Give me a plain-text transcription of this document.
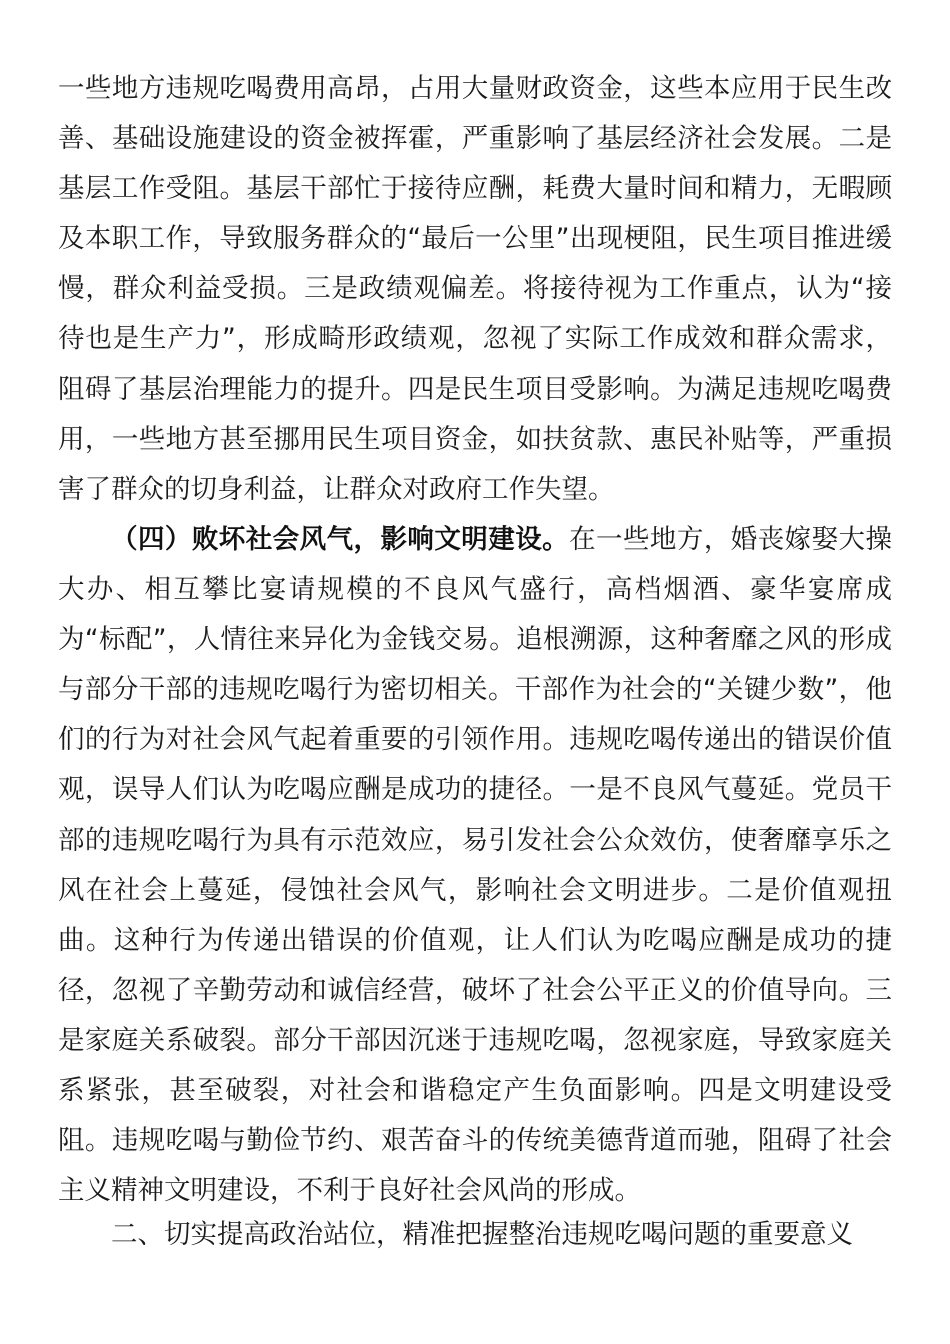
一些地方违规吃喝费用高昂，占用大量财政资金，这些本应用于民生改善、基础设施建设的资金被挥霍，严重影响了基层经济社会发展。二是基层工作受阻。基层干部忙于接待应酬，耗费大量时间和精力，无暇顾及本职工作，导致服务群众的“最后一公里”出现梗阻，民生项目推进缓慢，群众利益受损。三是政绩观偏差。将接待视为工作重点，认为“接待也是生产力”，形成畸形政绩观，忽视了实际工作成效和群众需求，阻碍了基层治理能力的提升。四是民生项目受影响。为满足违规吃喝费用，一些地方甚至挪用民生项目资金，如扶贫款、惠民补贴等，严重损害了群众的切身利益，让群众对政府工作失望。

（四）败坏社会风气，影响文明建设。在一些地方，婚丧嫁娶大操大办、相互攀比宴请规模的不良风气盛行，高档烟酒、豪华宴席成为“标配”，人情往来异化为金钱交易。追根溯源，这种奢靡之风的形成与部分干部的违规吃喝行为密切相关。干部作为社会的“关键少数”，他们的行为对社会风气起着重要的引领作用。违规吃喝传递出的错误价值观，误导人们认为吃喝应酬是成功的捷径。一是不良风气蔓延。党员干部的违规吃喝行为具有示范效应，易引发社会公众效仿，使奢靡享乐之风在社会上蔓延，侵蚀社会风气，影响社会文明进步。二是价值观扭曲。这种行为传递出错误的价值观，让人们认为吃喝应酬是成功的捷径，忽视了辛勤劳动和诚信经营，破坏了社会公平正义的价值导向。三是家庭关系破裂。部分干部因沉迷于违规吃喝，忽视家庭，导致家庭关系紧张，甚至破裂，对社会和谐稳定产生负面影响。四是文明建设受阻。违规吃喝与勤俭节约、艰苦奋斗的传统美德背道而驰，阻碍了社会主义精神文明建设，不利于良好社会风尚的形成。

二、切实提高政治站位，精准把握整治违规吃喝问题的重要意义
